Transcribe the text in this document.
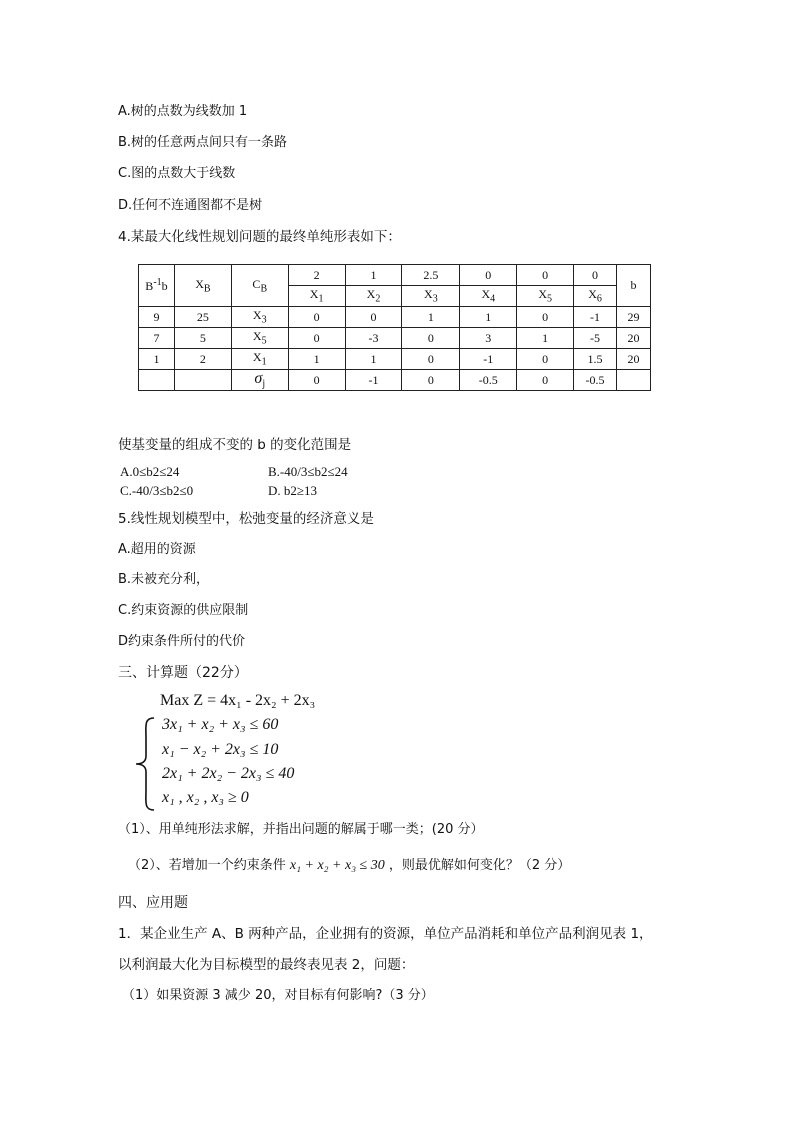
A.树的点数为线数加 1
B.树的任意两点间只有一条路
C.图的点数大于线数
D.任何不连通图都不是树
4.某最大化线性规划问题的最终单纯形表如下：
$B^{-1}b$	$X_B$	$C_B$	2	1	2.5	0	0	0	b
			$X_1$	$X_2$	$X_3$	$X_4$	$X_5$	$X_6$
9	25	$X_3$	0	0	1	1	0	-1	29
7	5	$X_5$	0	-3	0	3	1	-5	20
1	2	$X_1$	1	1	0	-1	0	1.5	20
		$\sigma_j$	0	-1	0	-0.5	0	-0.5	
使基变量的组成不变的 b 的变化范围是
A.0≤b2≤24	B.-40/3≤b2≤24
C.-40/3≤b2≤0	D. b2≥13
5.线性规划模型中，松弛变量的经济意义是
A.超用的资源
B.未被充分利，
C.约束资源的供应限制
D约束条件所付的代价
三、计算题（22分）
Max Z = 4x₁ - 2x₂ + 2x₃
3x₁ + x₂ + x₃ ≤ 60
x₁ − x₂ + 2x₃ ≤ 10
2x₁ + 2x₂ − 2x₃ ≤ 40
x₁ , x₂ , x₃ ≥ 0
（1）、用单纯形法求解，并指出问题的解属于哪一类；(20 分）
（2）、若增加一个约束条件 x₁ + x₂ + x₃ ≤ 30 ，则最优解如何变化？（2 分）
四、应用题
1．某企业生产 A、B 两种产品，企业拥有的资源，单位产品消耗和单位产品利润见表 1，
以利润最大化为目标模型的最终表见表 2，问题：
（1）如果资源 3 减少 20，对目标有何影响?（3 分）
